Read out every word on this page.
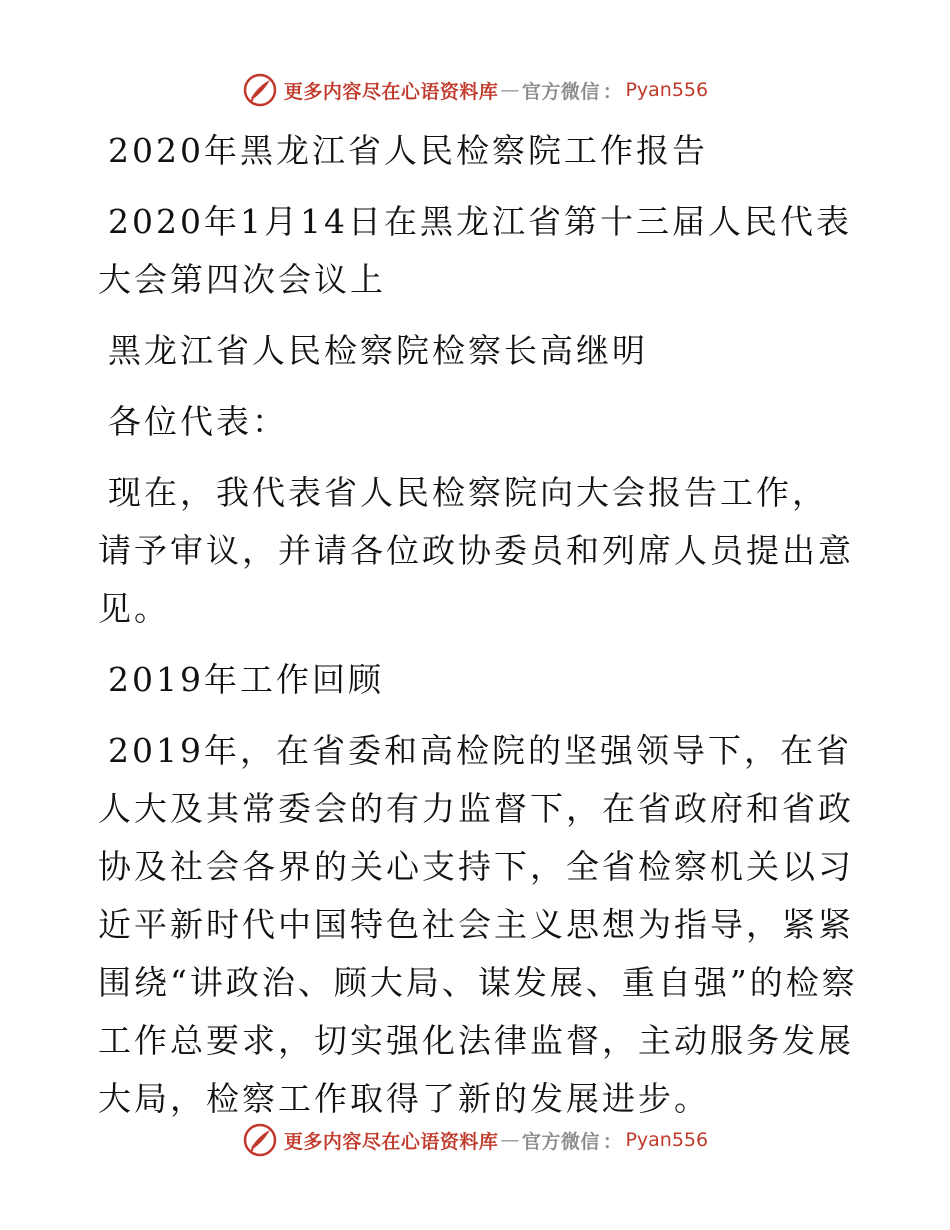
更多内容尽在心语资料库 — 官方微信 ： Pyan556

2020年黑龙江省人民检察院工作报告

2020年1月14日在黑龙江省第十三届人民代表大会第四次会议上

黑龙江省人民检察院检察长高继明

各位代表：

现在，我代表省人民检察院向大会报告工作，请予审议，并请各位政协委员和列席人员提出意见。

2019年工作回顾

2019年，在省委和高检院的坚强领导下，在省人大及其常委会的有力监督下，在省政府和省政协及社会各界的关心支持下，全省检察机关以习近平新时代中国特色社会主义思想为指导，紧紧围绕“讲政治、顾大局、谋发展、重自强”的检察工作总要求，切实强化法律监督，主动服务发展大局，检察工作取得了新的发展进步。

更多内容尽在心语资料库 — 官方微信 ： Pyan556
